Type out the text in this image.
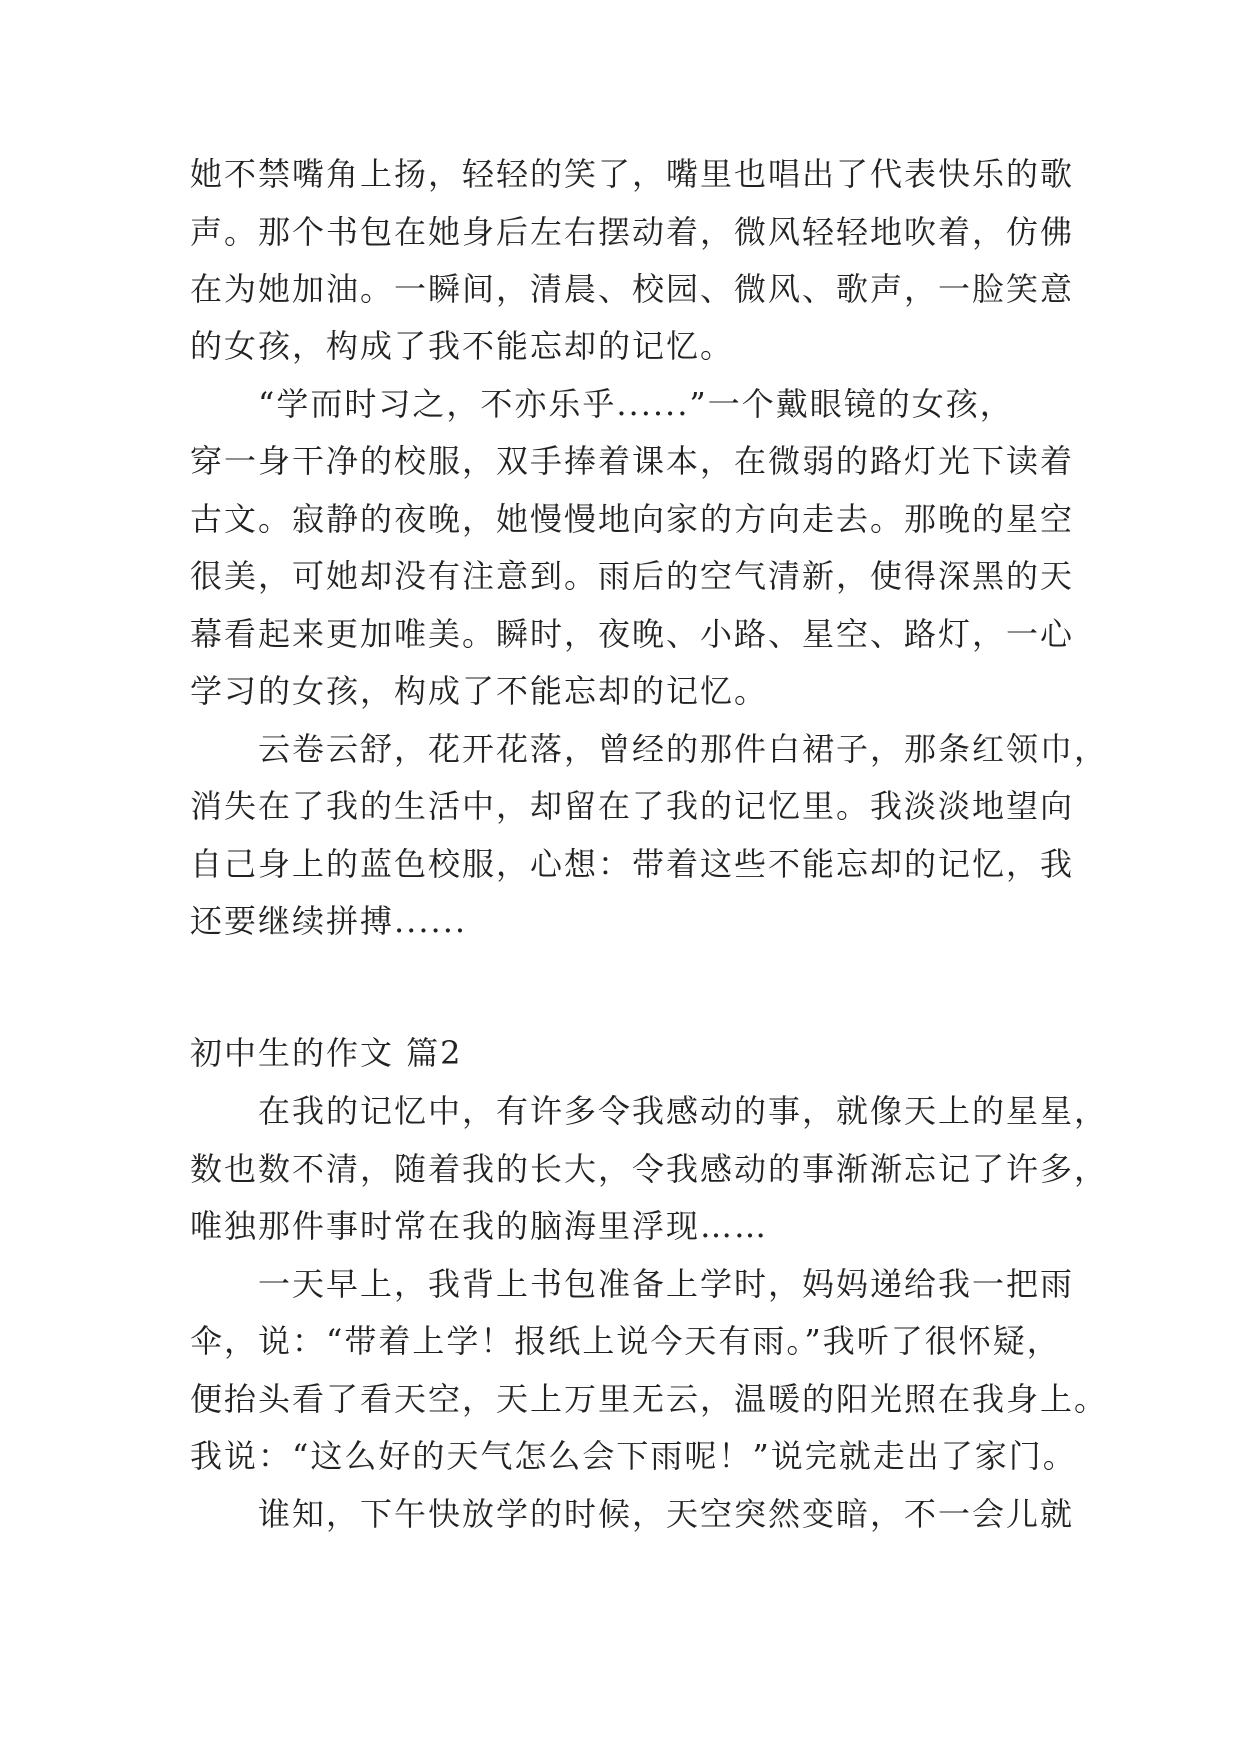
她不禁嘴角上扬，轻轻的笑了，嘴里也唱出了代表快乐的歌
声。那个书包在她身后左右摆动着，微风轻轻地吹着，仿佛
在为她加油。一瞬间，清晨、校园、微风、歌声，一脸笑意
的女孩，构成了我不能忘却的记忆。
“学而时习之，不亦乐乎......”一个戴眼镜的女孩，
穿一身干净的校服，双手捧着课本，在微弱的路灯光下读着
古文。寂静的夜晚，她慢慢地向家的方向走去。那晚的星空
很美，可她却没有注意到。雨后的空气清新，使得深黑的天
幕看起来更加唯美。瞬时，夜晚、小路、星空、路灯，一心
学习的女孩，构成了不能忘却的记忆。
云卷云舒，花开花落，曾经的那件白裙子，那条红领巾，
消失在了我的生活中，却留在了我的记忆里。我淡淡地望向
自己身上的蓝色校服，心想：带着这些不能忘却的记忆，我
还要继续拼搏......
初中生的作文 篇2
在我的记忆中，有许多令我感动的事，就像天上的星星，
数也数不清，随着我的长大，令我感动的事渐渐忘记了许多，
唯独那件事时常在我的脑海里浮现……
一天早上，我背上书包准备上学时，妈妈递给我一把雨
伞，说：“带着上学！报纸上说今天有雨。”我听了很怀疑，
便抬头看了看天空，天上万里无云，温暖的阳光照在我身上。
我说：“这么好的天气怎么会下雨呢！”说完就走出了家门。
谁知，下午快放学的时候，天空突然变暗，不一会儿就
